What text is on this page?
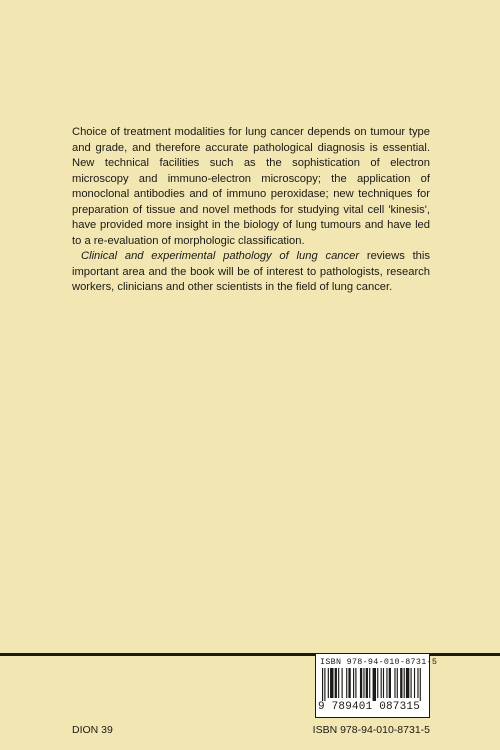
Choice of treatment modalities for lung cancer depends on tumour type and grade, and therefore accurate pathological diagnosis is essential. New technical facilities such as the sophistication of electron microscopy and immuno-electron microscopy; the application of monoclonal antibodies and of immuno peroxidase; new techniques for preparation of tissue and novel methods for studying vital cell 'kinesis', have provided more insight in the biology of lung tumours and have led to a re-evaluation of morphologic classification.

Clinical and experimental pathology of lung cancer reviews this important area and the book will be of interest to pathologists, research workers, clinicians and other scientists in the field of lung cancer.

ISBN 978-94-010-8731-5
9 789401 087315
DION 39	ISBN 978-94-010-8731-5
